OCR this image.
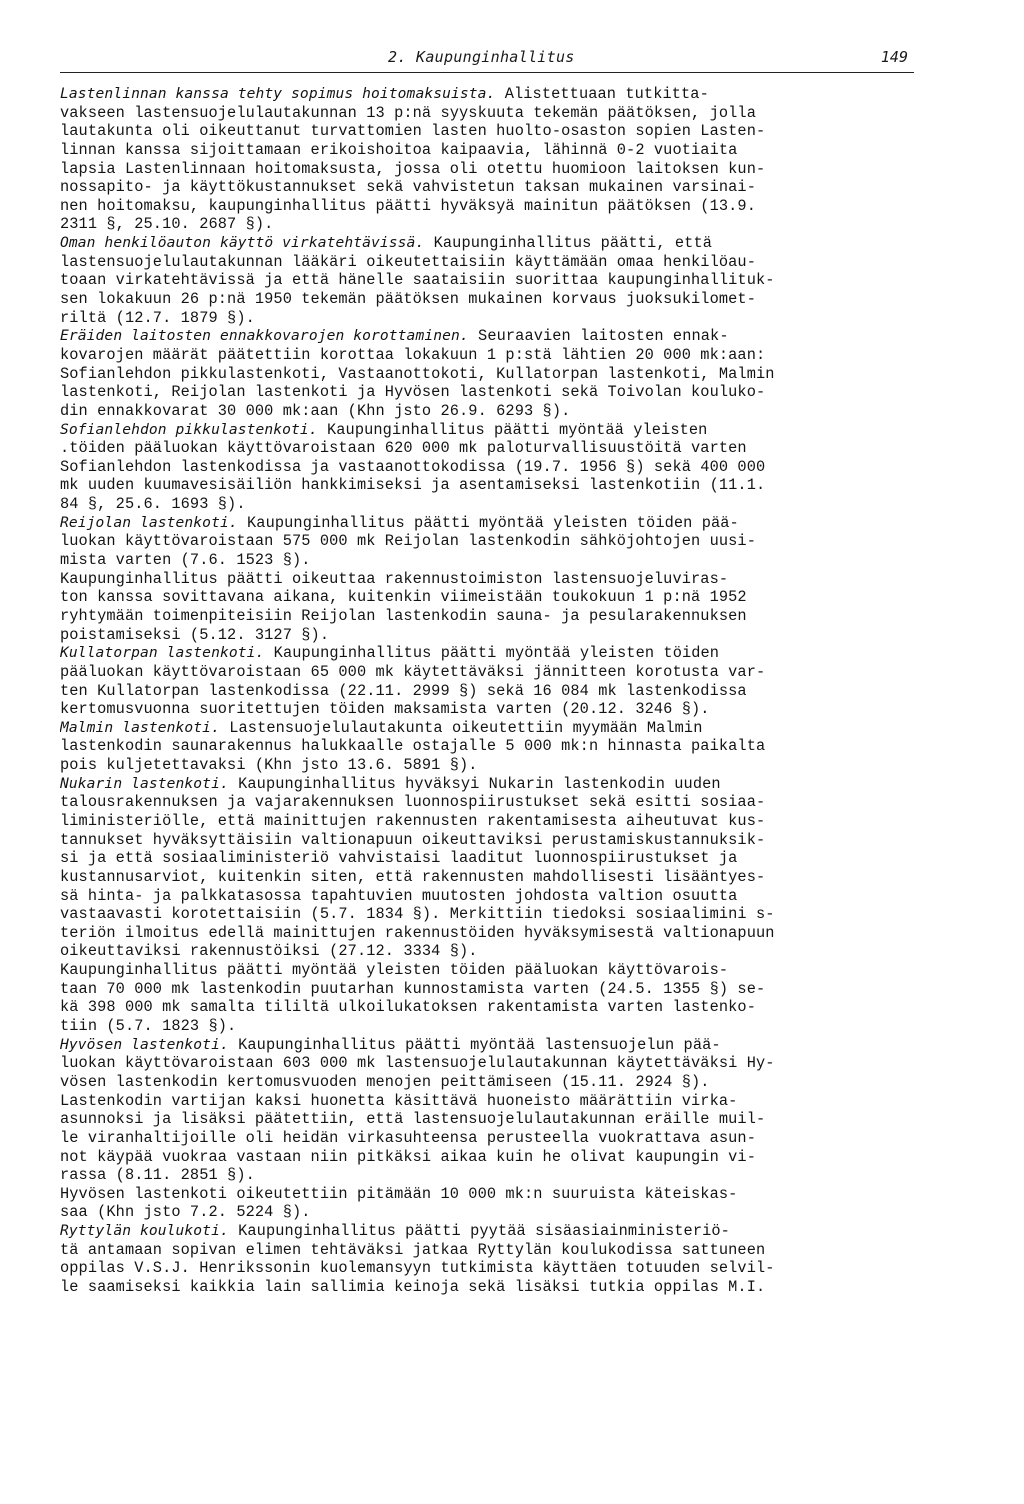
2. Kaupunginhallitus	149
Lastenlinnan kanssa tehty sopimus hoitomaksuista. Alistettuaan tutkitta-
vakseen lastensuojelulautakunnan 13 p:nä syyskuuta tekemän päätöksen, jolla
lautakunta oli oikeuttanut turvattomien lasten huolto-osaston sopien Lasten-
linnan kanssa sijoittamaan erikoishoitoa kaipaavia, lähinnä 0-2 vuotiaita
lapsia Lastenlinnaan hoitomaksusta, jossa oli otettu huomioon laitoksen kun-
nossapito- ja käyttökustannukset sekä vahvistetun taksan mukainen varsinai-
nen hoitomaksu, kaupunginhallitus päätti hyväksyä mainitun päätöksen (13.9.
2311 §, 25.10. 2687 §).
Oman henkilöauton käyttö virkatehtävissä. Kaupunginhallitus päätti, että
lastensuojelulautakunnan lääkäri oikeutettaisiin käyttämään omaa henkilöau-
toaan virkatehtävissä ja että hänelle saataisiin suorittaa kaupunginhallituk-
sen lokakuun 26 p:nä 1950 tekemän päätöksen mukainen korvaus juoksukilomet-
riltä (12.7. 1879 §).
Eräiden laitosten ennakkovarojen korottaminen. Seuraavien laitosten ennak-
kovarojen määrät päätettiin korottaa lokakuun 1 p:stä lähtien 20 000 mk:aan:
Sofianlehdon pikkulastenkoti, Vastaanottokoti, Kullatorpan lastenkoti, Malmin
lastenkoti, Reijolan lastenkoti ja Hyvösen lastenkoti sekä Toivolan kouluko-
din ennakkovarat 30 000 mk:aan (Khn jsto 26.9. 6293 §).
Sofianlehdon pikkulastenkoti. Kaupunginhallitus päätti myöntää yleisten
.töiden pääluokan käyttövaroistaan 620 000 mk paloturvallisuustöitä varten
Sofianlehdon lastenkodissa ja vastaanottokodissa (19.7. 1956 §) sekä 400 000
mk uuden kuumavesisäiliön hankkimiseksi ja asentamiseksi lastenkotiin (11.1.
84 §, 25.6. 1693 §).
Reijolan lastenkoti. Kaupunginhallitus päätti myöntää yleisten töiden pää-
luokan käyttövaroistaan 575 000 mk Reijolan lastenkodin sähköjohtojen uusi-
mista varten (7.6. 1523 §).
Kaupunginhallitus päätti oikeuttaa rakennustoimiston lastensuojeluviras-
ton kanssa sovittavana aikana, kuitenkin viimeistään toukokuun 1 p:nä 1952
ryhtymään toimenpiteisiin Reijolan lastenkodin sauna- ja pesularakennuksen
poistamiseksi (5.12. 3127 §).
Kullatorpan lastenkoti. Kaupunginhallitus päätti myöntää yleisten töiden
pääluokan käyttövaroistaan 65 000 mk käytettäväksi jännitteen korotusta var-
ten Kullatorpan lastenkodissa (22.11. 2999 §) sekä 16 084 mk lastenkodissa
kertomusvuonna suoritettujen töiden maksamista varten (20.12. 3246 §).
Malmin lastenkoti. Lastensuojelulautakunta oikeutettiin myymään Malmin
lastenkodin saunarakennus halukkaalle ostajalle 5 000 mk:n hinnasta paikalta
pois kuljetettavaksi (Khn jsto 13.6. 5891 §).
Nukarin lastenkoti. Kaupunginhallitus hyväksyi Nukarin lastenkodin uuden
talousrakennuksen ja vajarakennuksen luonnospiirustukset sekä esitti sosiaa-
liministeriölle, että mainittujen rakennusten rakentamisesta aiheutuvat kus-
tannukset hyväksyttäisiin valtionapuun oikeuttaviksi perustamiskustannuksik-
si ja että sosiaaliministeriö vahvistaisi laaditut luonnospiirustukset ja
kustannusarviot, kuitenkin siten, että rakennusten mahdollisesti lisääntyes-
sä hinta- ja palkkatasossa tapahtuvien muutosten johdosta valtion osuutta
vastaavasti korotettaisiin (5.7. 1834 §). Merkittiin tiedoksi sosiaalimini s-
teriön ilmoitus edellä mainittujen rakennustöiden hyväksymisestä valtionapuun
oikeuttaviksi rakennustöiksi (27.12. 3334 §).
Kaupunginhallitus päätti myöntää yleisten töiden pääluokan käyttövarois-
taan 70 000 mk lastenkodin puutarhan kunnostamista varten (24.5. 1355 §) se-
kä 398 000 mk samalta tililtä ulkoilukatoksen rakentamista varten lastenko-
tiin (5.7. 1823 §).
Hyvösen lastenkoti. Kaupunginhallitus päätti myöntää lastensuojelun pää-
luokan käyttövaroistaan 603 000 mk lastensuojelulautakunnan käytettäväksi Hy-
vösen lastenkodin kertomusvuoden menojen peittämiseen (15.11. 2924 §).
Lastenkodin vartijan kaksi huonetta käsittävä huoneisto määrättiin virka-
asunnoksi ja lisäksi päätettiin, että lastensuojelulautakunnan eräille muil-
le viranhaltijoille oli heidän virkasuhteensa perusteella vuokrattava asun-
not käypää vuokraa vastaan niin pitkäksi aikaa kuin he olivat kaupungin vi-
rassa (8.11. 2851 §).
Hyvösen lastenkoti oikeutettiin pitämään 10 000 mk:n suuruista käteiskas-
saa (Khn jsto 7.2. 5224 §).
Ryttylän koulukoti. Kaupunginhallitus päätti pyytää sisäasiainministeriö-
tä antamaan sopivan elimen tehtäväksi jatkaa Ryttylän koulukodissa sattuneen
oppilas V.S.J. Henrikssonin kuolemansyyn tutkimista käyttäen totuuden selvil-
le saamiseksi kaikkia lain sallimia keinoja sekä lisäksi tutkia oppilas M.I.
